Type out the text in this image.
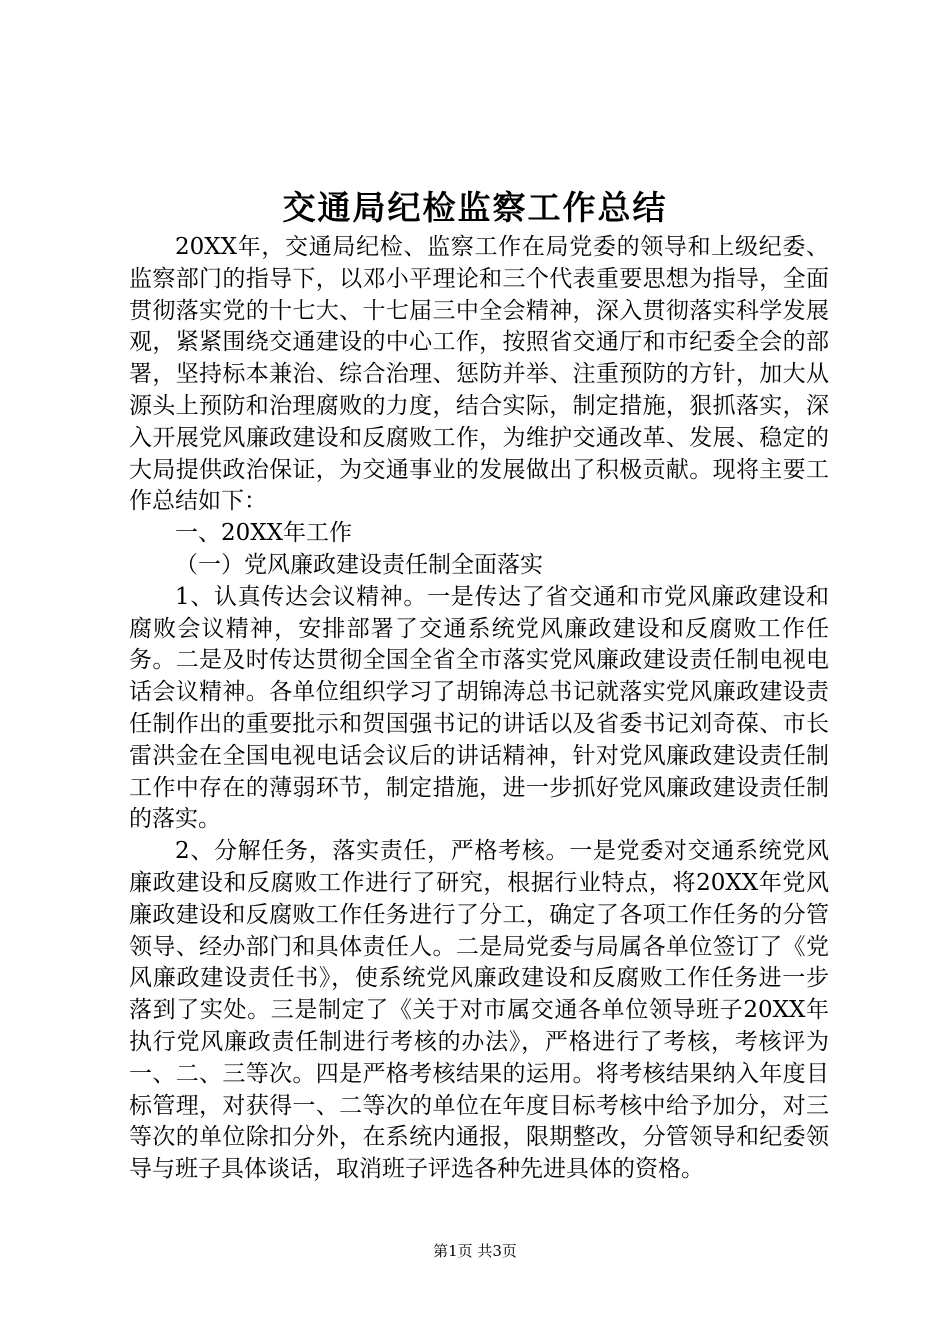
交通局纪检监察工作总结

20XX年，交通局纪检、监察工作在局党委的领导和上级纪委、监察部门的指导下，以邓小平理论和三个代表重要思想为指导，全面贯彻落实党的十七大、十七届三中全会精神，深入贯彻落实科学发展观，紧紧围绕交通建设的中心工作，按照省交通厅和市纪委全会的部署，坚持标本兼治、综合治理、惩防并举、注重预防的方针，加大从源头上预防和治理腐败的力度，结合实际，制定措施，狠抓落实，深入开展党风廉政建设和反腐败工作，为维护交通改革、发展、稳定的大局提供政治保证，为交通事业的发展做出了积极贡献。现将主要工作总结如下：

一、20XX年工作

（一）党风廉政建设责任制全面落实

1、认真传达会议精神。一是传达了省交通和市党风廉政建设和腐败会议精神，安排部署了交通系统党风廉政建设和反腐败工作任务。二是及时传达贯彻全国全省全市落实党风廉政建设责任制电视电话会议精神。各单位组织学习了胡锦涛总书记就落实党风廉政建设责任制作出的重要批示和贺国强书记的讲话以及省委书记刘奇葆、市长雷洪金在全国电视电话会议后的讲话精神，针对党风廉政建设责任制工作中存在的薄弱环节，制定措施，进一步抓好党风廉政建设责任制的落实。

2、分解任务，落实责任，严格考核。一是党委对交通系统党风廉政建设和反腐败工作进行了研究，根据行业特点，将20XX年党风廉政建设和反腐败工作任务进行了分工，确定了各项工作任务的分管领导、经办部门和具体责任人。二是局党委与局属各单位签订了《党风廉政建设责任书》，使系统党风廉政建设和反腐败工作任务进一步落到了实处。三是制定了《关于对市属交通各单位领导班子20XX年执行党风廉政责任制进行考核的办法》，严格进行了考核，考核评为一、二、三等次。四是严格考核结果的运用。将考核结果纳入年度目标管理，对获得一、二等次的单位在年度目标考核中给予加分，对三等次的单位除扣分外，在系统内通报，限期整改，分管领导和纪委领导与班子具体谈话，取消班子评选各种先进具体的资格。

第1页 共3页
